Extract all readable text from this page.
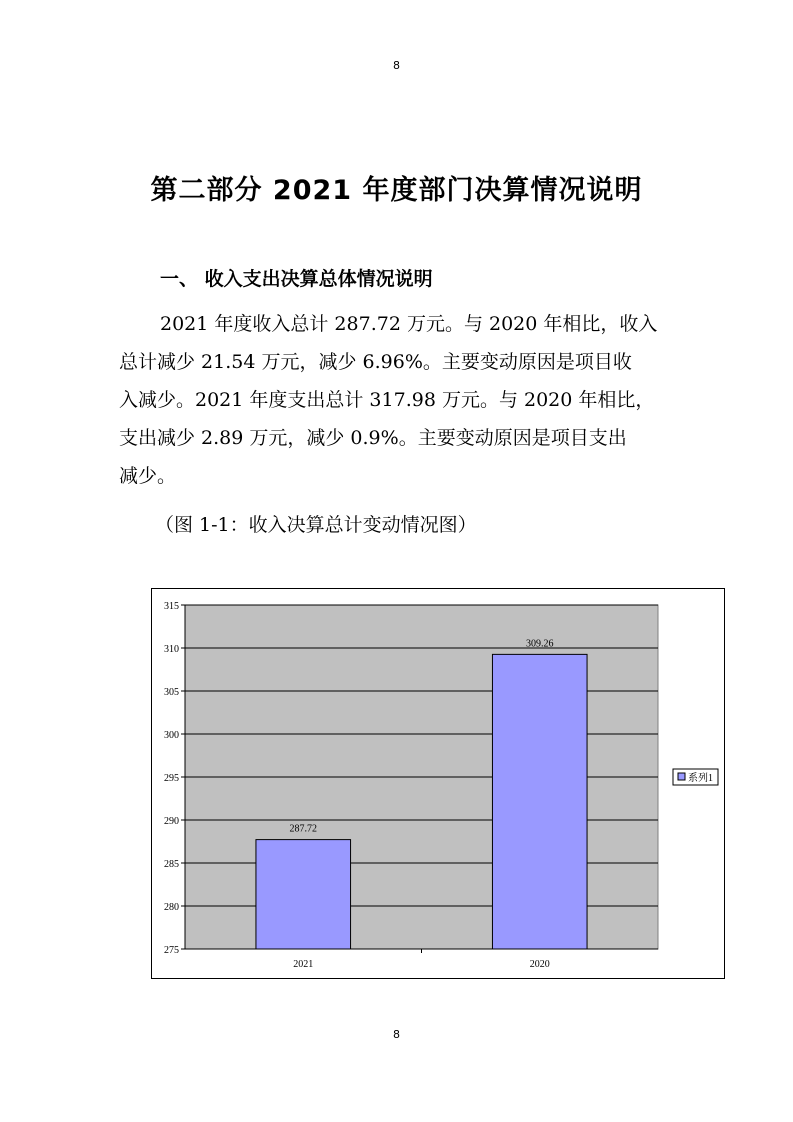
8
第二部分 2021 年度部门决算情况说明
一、 收入支出决算总体情况说明
2021 年度收入总计 287.72 万元。与 2020 年相比，收入
总计减少 21.54 万元，减少 6.96%。主要变动原因是项目收
入减少。2021 年度支出总计 317.98 万元。与 2020 年相比，
支出减少 2.89 万元，减少 0.9%。主要变动原因是项目支出
减少。
（图 1-1：收入决算总计变动情况图）
275
280
285
290
295
300
305
310
315
287.72
2021
309.26
2020
系列1
8
